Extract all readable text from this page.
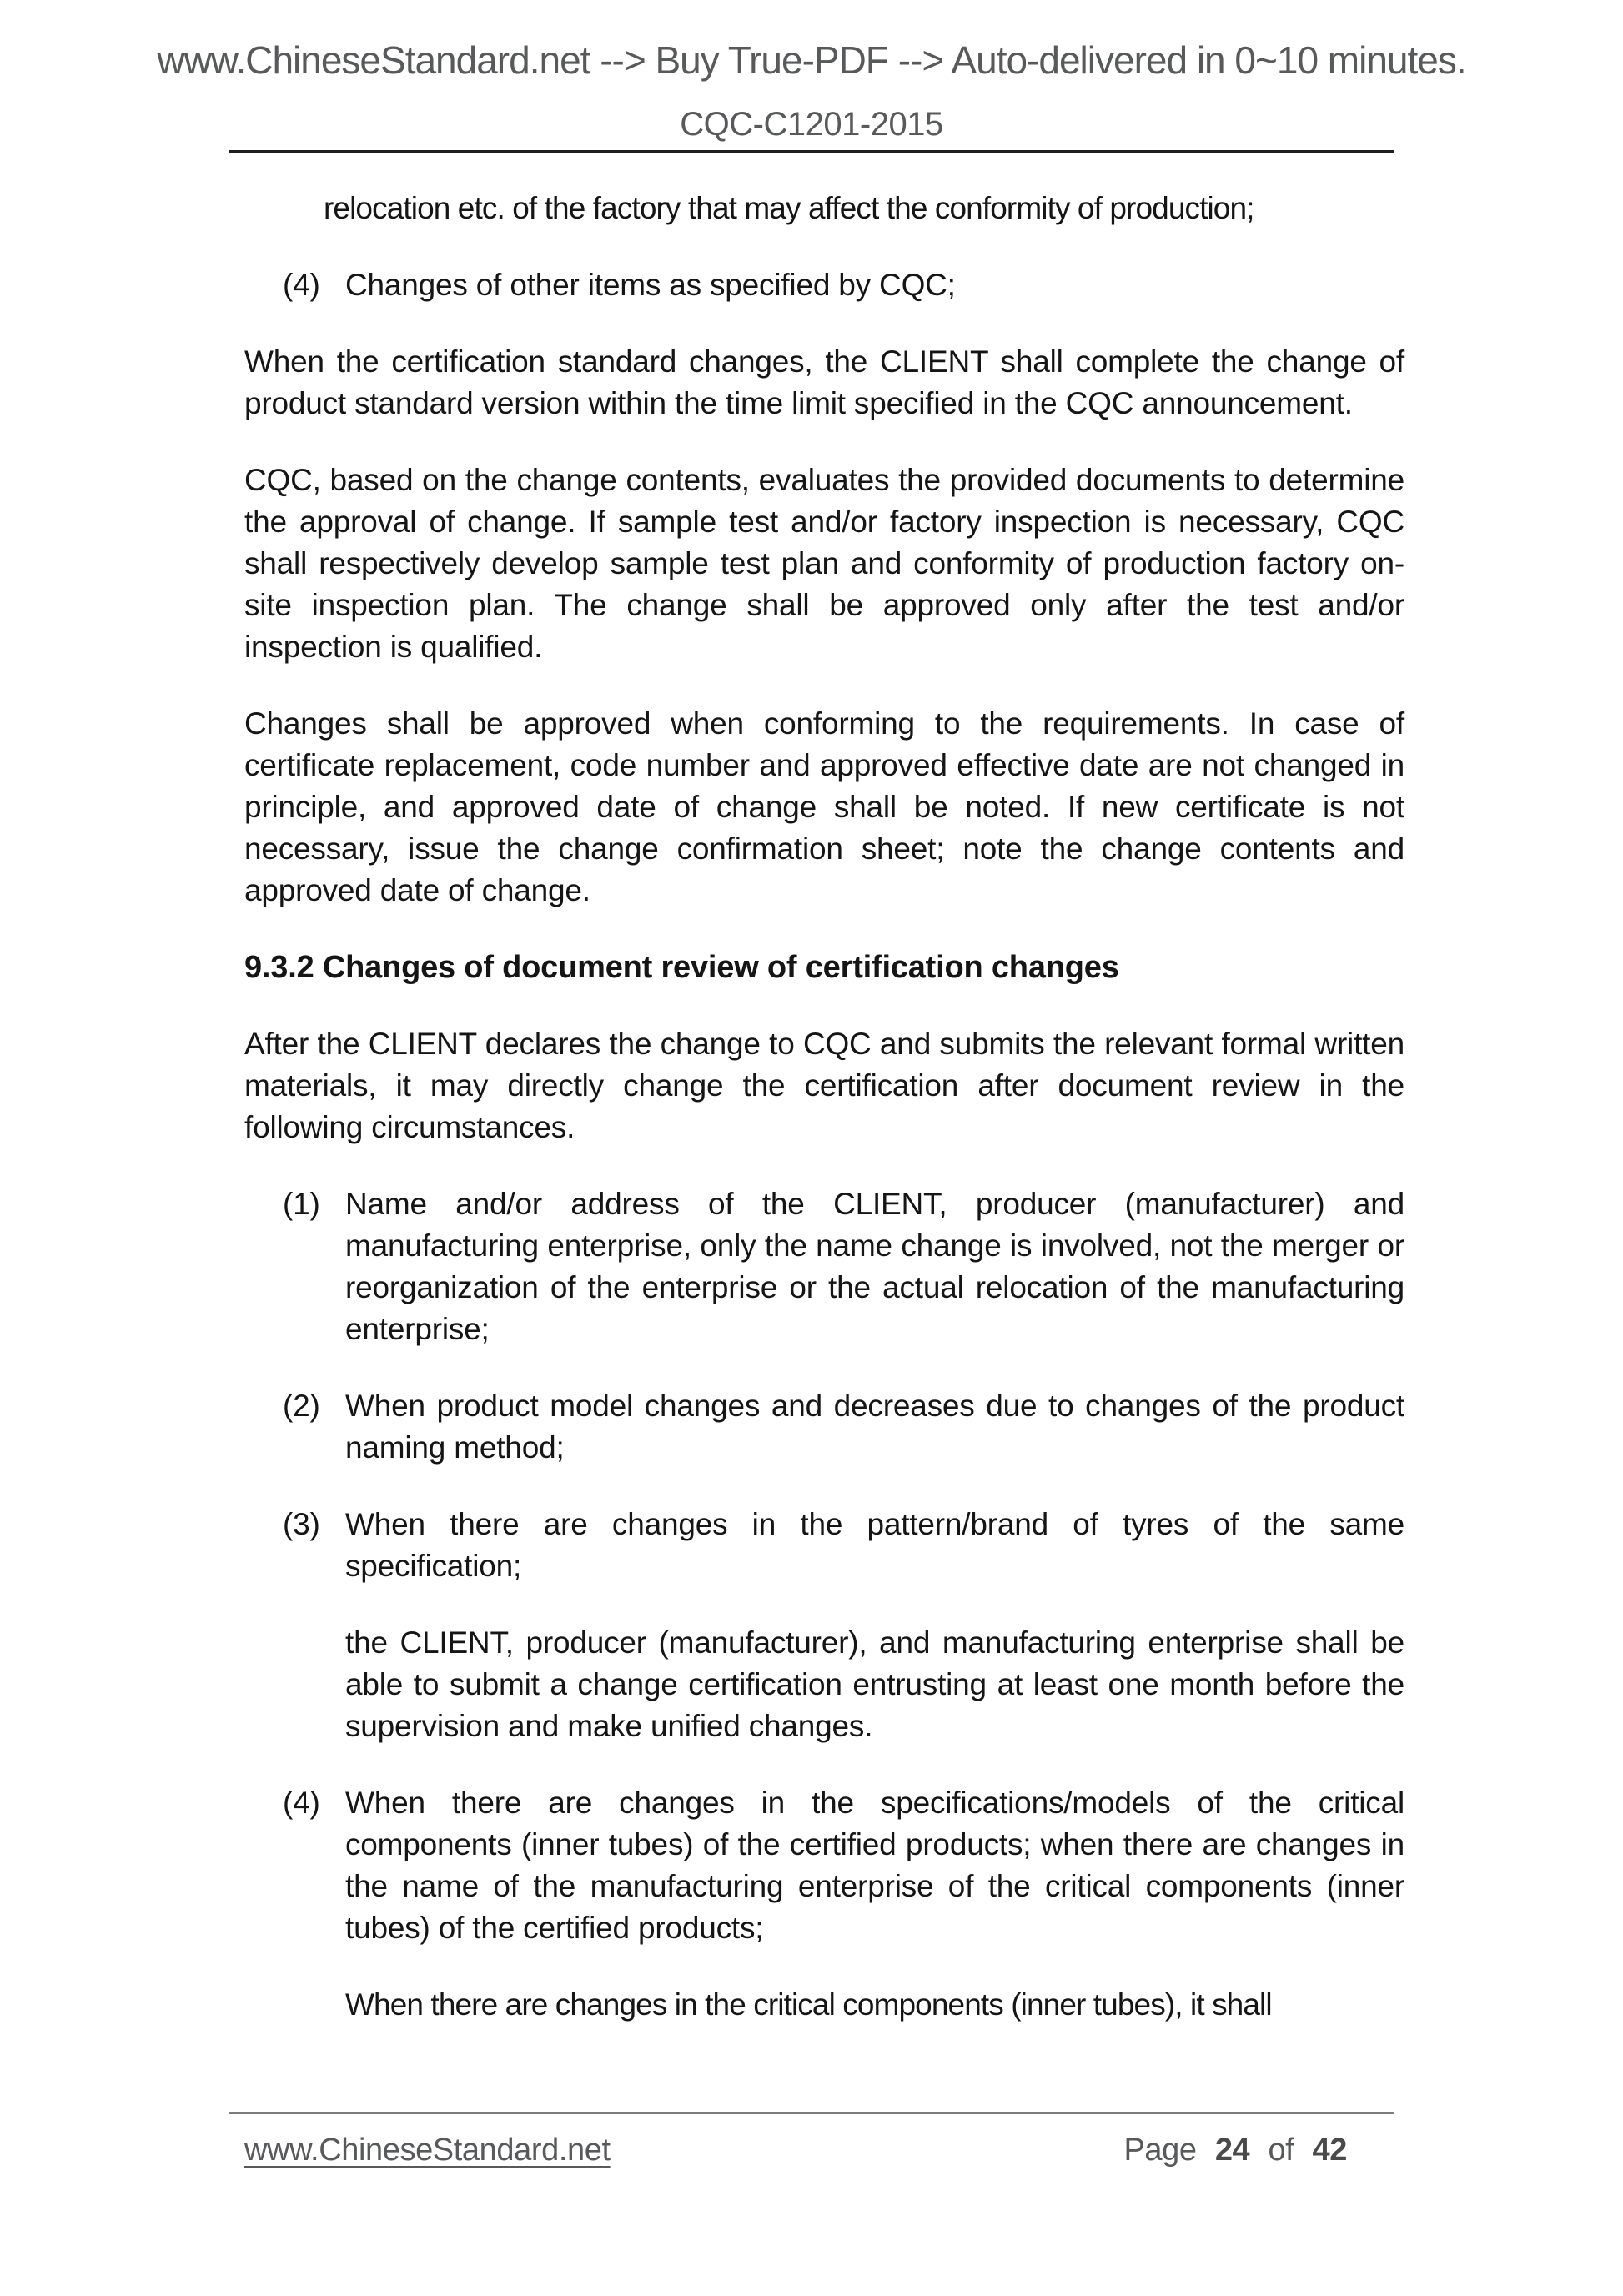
www.ChineseStandard.net --> Buy True-PDF --> Auto-delivered in 0~10 minutes.
CQC-C1201-2015
relocation etc. of the factory that may affect the conformity of production;
(4) Changes of other items as specified by CQC;
When the certification standard changes, the CLIENT shall complete the change of product standard version within the time limit specified in the CQC announcement.
CQC, based on the change contents, evaluates the provided documents to determine the approval of change. If sample test and/or factory inspection is necessary, CQC shall respectively develop sample test plan and conformity of production factory on-site inspection plan. The change shall be approved only after the test and/or inspection is qualified.
Changes shall be approved when conforming to the requirements. In case of certificate replacement, code number and approved effective date are not changed in principle, and approved date of change shall be noted. If new certificate is not necessary, issue the change confirmation sheet; note the change contents and approved date of change.
9.3.2 Changes of document review of certification changes
After the CLIENT declares the change to CQC and submits the relevant formal written materials, it may directly change the certification after document review in the following circumstances.
(1) Name and/or address of the CLIENT, producer (manufacturer) and manufacturing enterprise, only the name change is involved, not the merger or reorganization of the enterprise or the actual relocation of the manufacturing enterprise;
(2) When product model changes and decreases due to changes of the product naming method;
(3) When there are changes in the pattern/brand of tyres of the same specification;
the CLIENT, producer (manufacturer), and manufacturing enterprise shall be able to submit a change certification entrusting at least one month before the supervision and make unified changes.
(4) When there are changes in the specifications/models of the critical components (inner tubes) of the certified products; when there are changes in the name of the manufacturing enterprise of the critical components (inner tubes) of the certified products;
When there are changes in the critical components (inner tubes), it shall
www.ChineseStandard.net	Page 24 of 42
